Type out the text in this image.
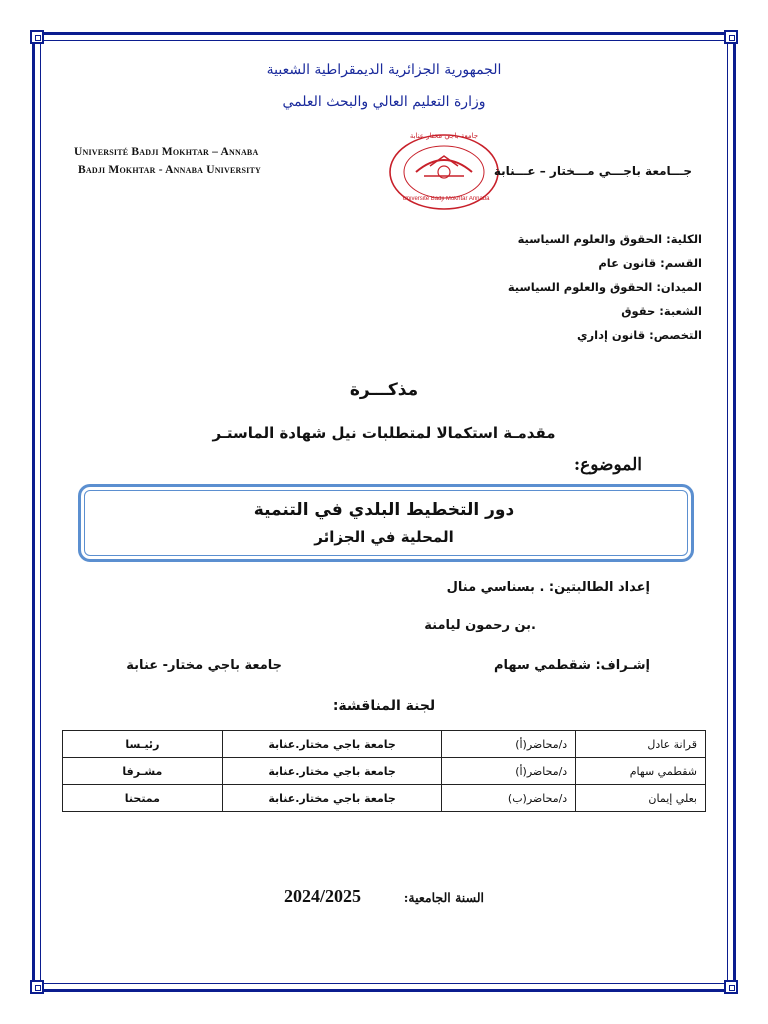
الجمهورية الجزائرية الديمقراطية الشعبية
وزارة التعليم العالي والبحث العلمي
Université Badji Mokhtar – Annaba
Badji Mokhtar - Annaba University
جامعة باجي مختار عنابة
Université Badji Mokhtar Annaba
جـــامعة باجـــي مـــختار – عـــنابة
الكلية: الحقوق والعلوم السياسية
القسم: قانون عام
الميدان: الحقوق والعلوم السياسية
الشعبة: حقوق
التخصص: قانون إداري
مذكـــرة
مقدمـة استكمالا لمتطلبات نيل شهادة الماستـر
الموضوع:
دور التخطيط البلدي في التنمية
المحلية في الجزائر
إعداد الطالبتين: . بسناسي منال
.بن رحمون ليامنة
إشـراف: شقطمي سهام
جامعة باجي مختار- عنابة
لجنة المناقشة:
قرانة عادل	د/محاضر(أ)	جامعة باجي مختار.عنابة	رئيـسا
شقطمي سهام	د/محاضر(أ)	جامعة باجي مختار.عنابة	مشـرفا
بعلي إيمان	د/محاضر(ب)	جامعة باجي مختار.عنابة	ممتحنا
2024/2025	السنة الجامعية:
